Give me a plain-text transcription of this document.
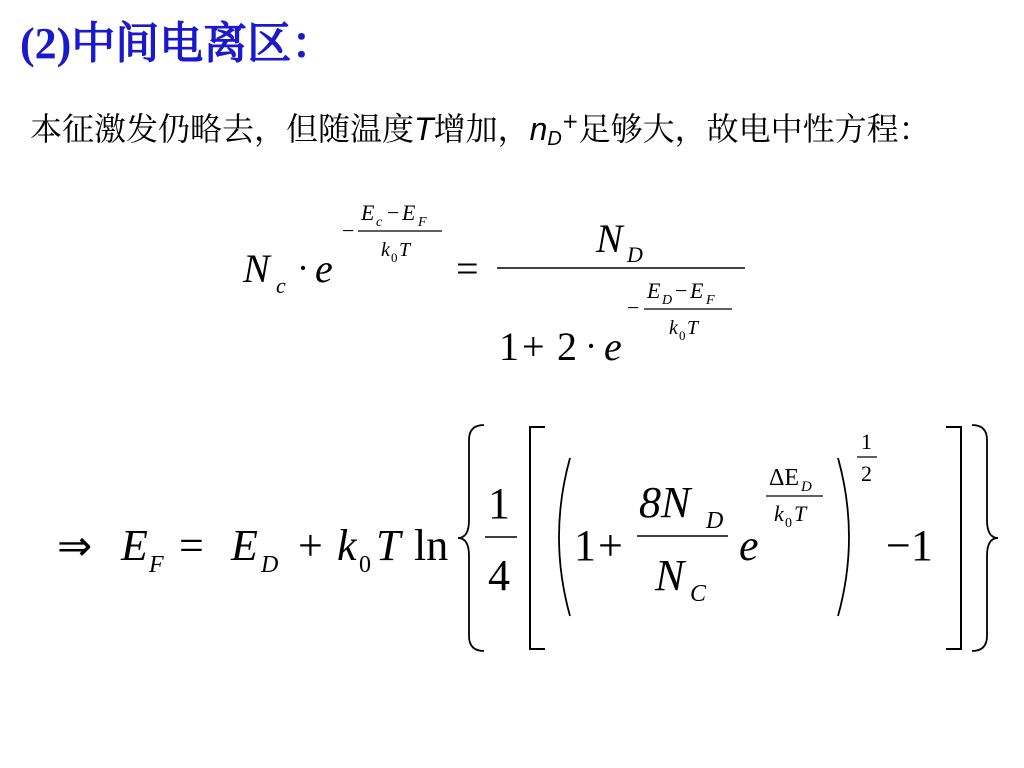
(2)中间电离区：
本征激发仍略去，但随温度T增加，$n_D^+$足够大，故电中性方程：
N c · e
−
E c − E F
k 0 T =
N D
1 + 2 · e
−
E D − E F
k 0 T
⇒ E F = E D + k 0 T ln
1
4
1 +
8N D
N C
e
ΔE D
k 0 T
1
2
−1
